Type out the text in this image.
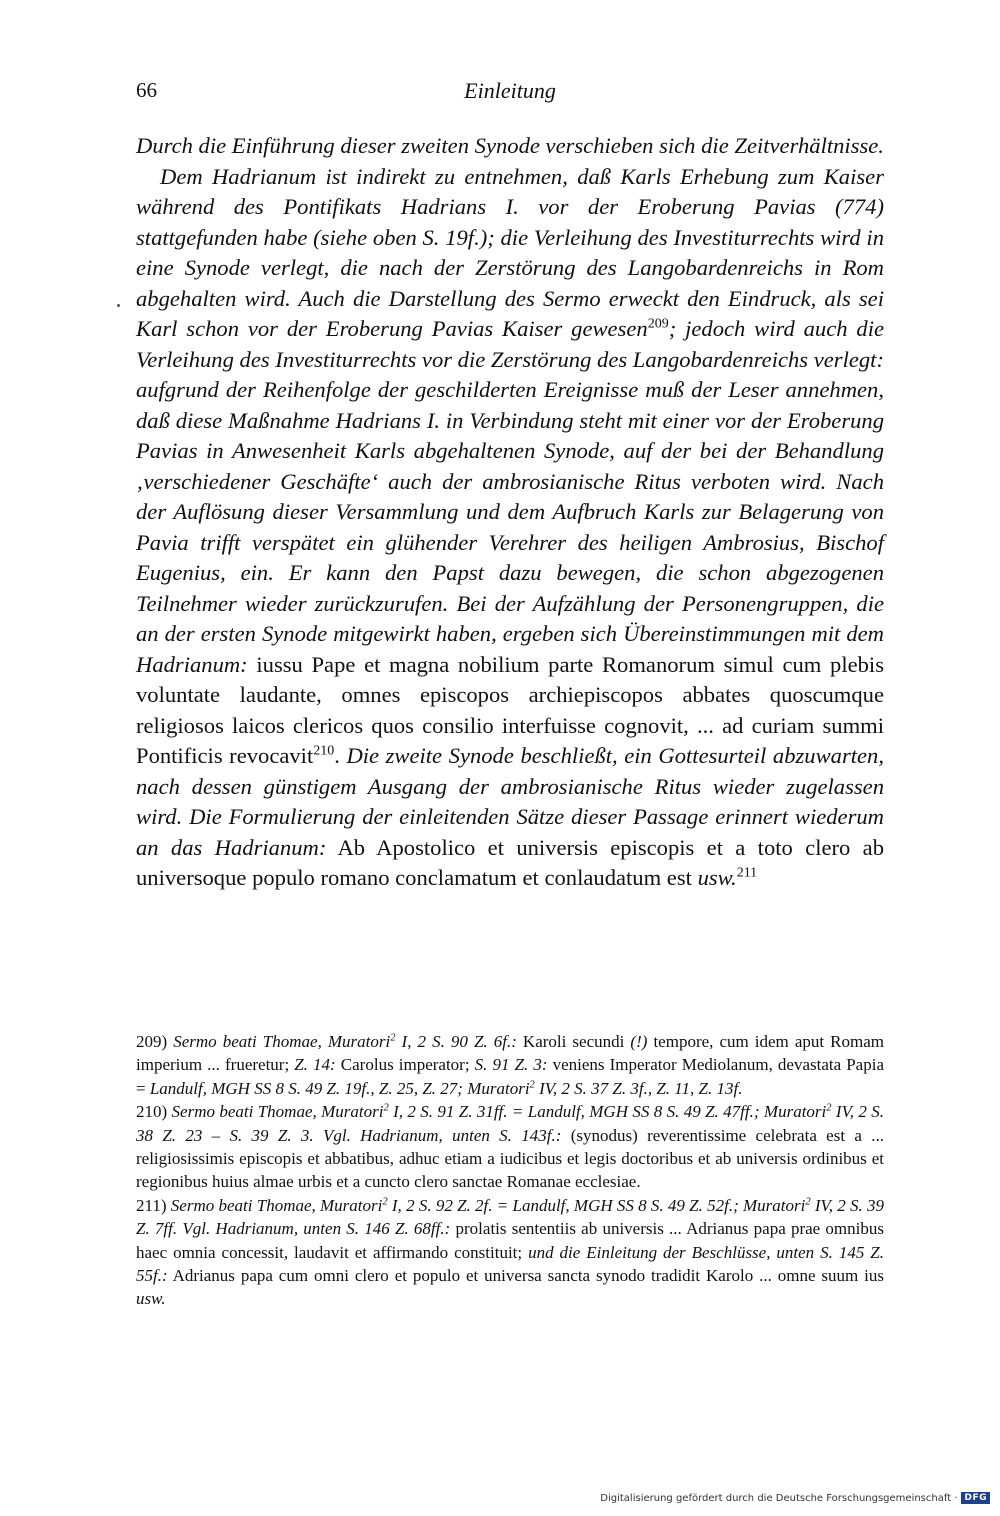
66	Einleitung

Durch die Einführung dieser zweiten Synode verschieben sich die Zeitverhältnisse.

Dem Hadrianum ist indirekt zu entnehmen, daß Karls Erhebung zum Kaiser während des Pontifikats Hadrians I. vor der Eroberung Pavias (774) stattgefunden habe (siehe oben S. 19f.); die Verleihung des Investiturrechts wird in eine Synode verlegt, die nach der Zerstörung des Langobardenreichs in Rom abgehalten wird. Auch die Darstellung des Sermo erweckt den Eindruck, als sei Karl schon vor der Eroberung Pavias Kaiser gewesen$^{209}$; jedoch wird auch die Verleihung des Investiturrechts vor die Zerstörung des Langobardenreichs verlegt: aufgrund der Reihenfolge der geschilderten Ereignisse muß der Leser annehmen, daß diese Maßnahme Hadrians I. in Verbindung steht mit einer vor der Eroberung Pavias in Anwesenheit Karls abgehaltenen Synode, auf der bei der Behandlung ‚verschiedener Geschäfte‘ auch der ambrosianische Ritus verboten wird. Nach der Auflösung dieser Versammlung und dem Aufbruch Karls zur Belagerung von Pavia trifft verspätet ein glühender Verehrer des heiligen Ambrosius, Bischof Eugenius, ein. Er kann den Papst dazu bewegen, die schon abgezogenen Teilnehmer wieder zurückzurufen. Bei der Aufzählung der Personengruppen, die an der ersten Synode mitgewirkt haben, ergeben sich Übereinstimmungen mit dem Hadrianum: iussu Pape et magna nobilium parte Romanorum simul cum plebis voluntate laudante, omnes episcopos archiepiscopos abbates quoscumque religiosos laicos clericos quos consilio interfuisse cognovit, ... ad curiam summi Pontificis revocavit$^{210}$. Die zweite Synode beschließt, ein Gottesurteil abzuwarten, nach dessen günstigem Ausgang der ambrosianische Ritus wieder zugelassen wird. Die Formulierung der einleitenden Sätze dieser Passage erinnert wiederum an das Hadrianum: Ab Apostolico et universis episcopis et a toto clero ab universoque populo romano conclamatum et conlaudatum est usw.$^{211}$

209) Sermo beati Thomae, Muratori$^2$ I, 2 S. 90 Z. 6f.: Karoli secundi (!) tempore, cum idem aput Romam imperium ... frueretur; Z. 14: Carolus imperator; S. 91 Z. 3: veniens Imperator Mediolanum, devastata Papia = Landulf, MGH SS 8 S. 49 Z. 19f., Z. 25, Z. 27; Muratori$^2$ IV, 2 S. 37 Z. 3f., Z. 11, Z. 13f.

210) Sermo beati Thomae, Muratori$^2$ I, 2 S. 91 Z. 31ff. = Landulf, MGH SS 8 S. 49 Z. 47ff.; Muratori$^2$ IV, 2 S. 38 Z. 23 – S. 39 Z. 3. Vgl. Hadrianum, unten S. 143f.: (synodus) reverentissime celebrata est a ... religiosissimis episcopis et abbatibus, adhuc etiam a iudicibus et legis doctoribus et ab universis ordinibus et regionibus huius almae urbis et a cuncto clero sanctae Romanae ecclesiae.

211) Sermo beati Thomae, Muratori$^2$ I, 2 S. 92 Z. 2f. = Landulf, MGH SS 8 S. 49 Z. 52f.; Muratori$^2$ IV, 2 S. 39 Z. 7ff. Vgl. Hadrianum, unten S. 146 Z. 68ff.: prolatis sententiis ab universis ... Adrianus papa prae omnibus haec omnia concessit, laudavit et affirmando constituit; und die Einleitung der Beschlüsse, unten S. 145 Z. 55f.: Adrianus papa cum omni clero et populo et universa sancta synodo tradidit Karolo ... omne suum ius usw.

Digitalisierung gefördert durch die Deutsche Forschungsgemeinschaft · DFG
